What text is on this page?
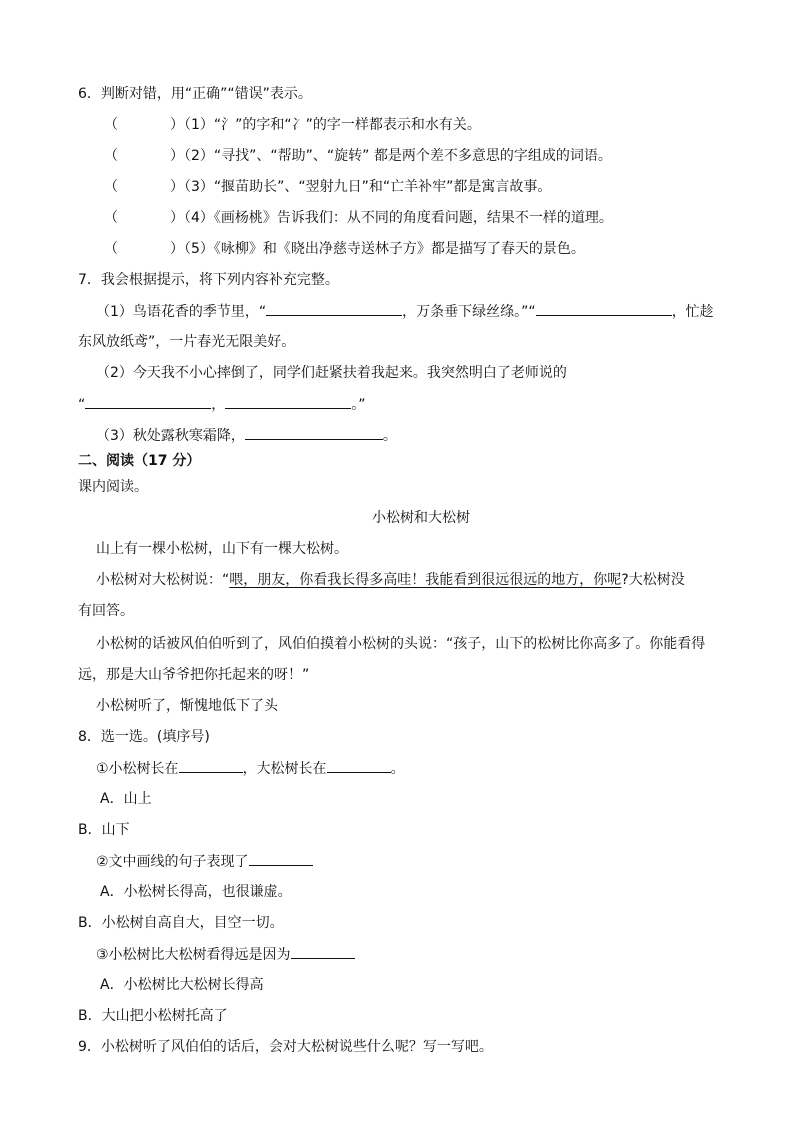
6．判断对错，用“正确”“错误”表示。
（	）（1）“氵”的字和“冫”的字一样都表示和水有关。
（	）（2）“寻找”、“帮助”、“旋转” 都是两个差不多意思的字组成的词语。
（	）（3）“揠苗助长”、“翌射九日”和“亡羊补牢”都是寓言故事。
（	）（4）《画杨桃》告诉我们：从不同的角度看问题，结果不一样的道理。
（	）（5）《咏柳》和《晓出净慈寺送林子方》都是描写了春天的景色。
7．我会根据提示，将下列内容补充完整。
（1）鸟语花香的季节里，“	，万条垂下绿丝绦。”“	，忙趁
东风放纸鸢”，一片春光无限美好。
（2）今天我不小心摔倒了，同学们赶紧扶着我起来。我突然明白了老师说的
“	，	。”
（3）秋处露秋寒霜降，	。
二、阅读（17 分）
课内阅读。
小松树和大松树
山上有一棵小松树，山下有一棵大松树。
小松树对大松树说：“喂，朋友，你看我长得多高哇！我能看到很远很远的地方，你呢?大松树没
有回答。
小松树的话被风伯伯听到了，风伯伯摸着小松树的头说：“孩子，山下的松树比你高多了。你能看得
远，那是大山爷爷把你托起来的呀！”
小松树听了，惭愧地低下了头
8．选一选。(填序号)
①小松树长在	，大松树长在	。
A．山上
B．山下
②文中画线的句子表现了
A．小松树长得高，也很谦虚。
B．小松树自高自大，目空一切。
③小松树比大松树看得远是因为
A．小松树比大松树长得高
B．大山把小松树托高了
9．小松树听了风伯伯的话后，会对大松树说些什么呢？写一写吧。
